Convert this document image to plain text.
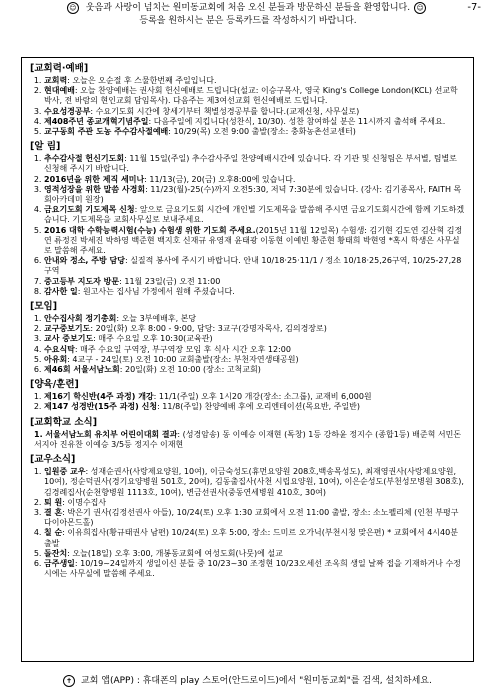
☺ 웃음과 사랑이 넘치는 원미동교회에 처음 오신 분들과 방문하신 분들을 환영합니다. ☺
등록을 원하시는 분은 등록카드를 작성하시기 바랍니다.
-7-
[교회력·예배]
1. 교회력: 오늘은 오순절 후 스물한번째 주일입니다.
2. 현대예배: 오늘 찬양예배는 권사회 헌신예배로 드립니다(설교: 이승구목사, 영국 King's College London(KCL) 선교학박사, 전 바람의 현인교회 담임목사). 다음주는 제3여선교회 헌신예배로 드립니다.
3. 수요성경공부: 수요기도회 시간에 창세기부터 책별성경공부를 합니다.(교재신청, 사무실로)
4. 제408주년 종교개혁기념주일: 다음주일에 지킵니다(성찬식, 10/30). 성찬 참여하실 분은 11시까지 출석해 주세요.
5. 교구동회 주관 도농 주수감사절예배: 10/29(목) 오전 9:00 출발(장소: 충화농촌선교센터)
[알 림]
1. 추수감사절 헌신기도회: 11월 15일(주일) 추수감사주일 찬양예배시간에 있습니다. 각 기관 및 신청팀은 부서별, 팀별로 신청해 주시기 바랍니다.
2. 2016년을 위한 제직 세미나: 11/13(금), 20(금) 오후8:00에 있습니다.
3. 영적성장을 위한 말씀 사경회: 11/23(월)-25(수)까지 오전5:30, 저녁 7:30분에 있습니다. (강사: 김기종목사, FAITH 목회아카데미 원장)
4. 금요기도회 기도제목 신청: 앞으로 금요기도회 시간에 개인별 기도제목을 말씀해 주시면 금요기도회시간에 함께 기도하겠습니다. 기도제목을 교회사무실로 보내주세요.
5. 2016 대학 수학능력시험(수능) 수험생 위한 기도회 주세요.(2015년 11월 12일목) 수험생: 김기현 김도연 김산혁 김정연 류정진 박세진 박하영 백준현 백지호 신재규 유영재 윤태광 이동현 이예빈 황준현 황태희 박현영 *혹시 학생은 사무실로 말씀해 주세요.
6. 안내와 정소, 주방 담당: 실질적 봉사에 주시기 바랍니다. 안내 10/18·25·11/1 / 정소 10/18·25,26구역, 10/25-27,28구역
7. 중고등부 지도자 방문: 11월 23일(금) 오전 11:00
8. 감사한 일: 원고사는 집사님 가정에서 원해 주셨습니다.
[모임]
1. 안수집사회 정기총회: 오늘 3부예배후, 본당
2. 교구중보기도: 20일(화) 오후 8:00 - 9:00, 담당: 3교구(강명자목사, 김의경장로)
3. 교사 중보기도: 매주 수요일 오후 10:30(교육관)
4. 수요식탁: 매주 수요일 구역장, 부구역장 모임 후 식사 시간 오후 12:00
5. 아유회: 4교구 - 24일(토) 오전 10:00 교회출발(장소: 부천자연생태공원)
6. 제46회 서울서남노회: 20일(화) 오전 10:00 (장소: 고척교회)
[양육/훈련]
1. 제16기 학신반(4주 과정) 개강: 11/1(주일) 오후 1시20 개강(장소: 소그룹), 교재비 6,000원
2. 제147 성경반(15주 과정) 신청: 11/8(주일) 찬양예배 후에 오리엔테이션(목요반, 주일반)
[교회학교 소식]
1. 서울서남노회 유치부 어린이대회 결과: (성경암송) 동 이예승 이재현 (독창) 1등 강하윤 정지수 (종합1등) 배준혁 서민돈 서지아 진유찬 이예승 3/5등 정지수 이재현
[교우소식]
1. 입원중 교우: 성재순권사(사랑제요양원, 10여), 이금숙성도(휴먼요양원 208호,백송목성도), 최재영권사(사랑제요양원, 10여), 정순덕권사(경기요양병원 501호, 20여), 김동출집사(사천 시립요양원, 10여), 이은순성도(부천성모병원 308호), 김경례집사(순천향병원 1113호, 10여), 변금선권사(중동연세병원 410호, 30여)
2. 퇴 원: 이명수집사
3. 결 혼: 박은기 권사(김정선권사 아들), 10/24(토) 오후 1:30 교회에서 오전 11:00 출발, 장소: 소노펠리체 (인천 부평구 다이아몬드홀)
4. 칠 순: 이유희집사(황규태권사 남편) 10/24(토) 오후 5:00, 장소: 드미르 오가닉(부천시청 맞은편) * 교회에서 4시40분 출발
5. 돌잔치: 오늘(18일) 오후 3:00, 개봉동교회에 여성도회(나뭇)에 설교
6. 금주생일: 10/19~24일까지 생일이신 분들 중 10/23~30 조정현 10/23오세선 조옥희 생일 날짜 접을 기재하거나 수정시에는 사무실에 말씀해 주세요.
✝ 교회 앱(APP) : 휴대폰의 play 스토어(안드로이드)에서 "원미동교회"를 검색, 설치하세요.
